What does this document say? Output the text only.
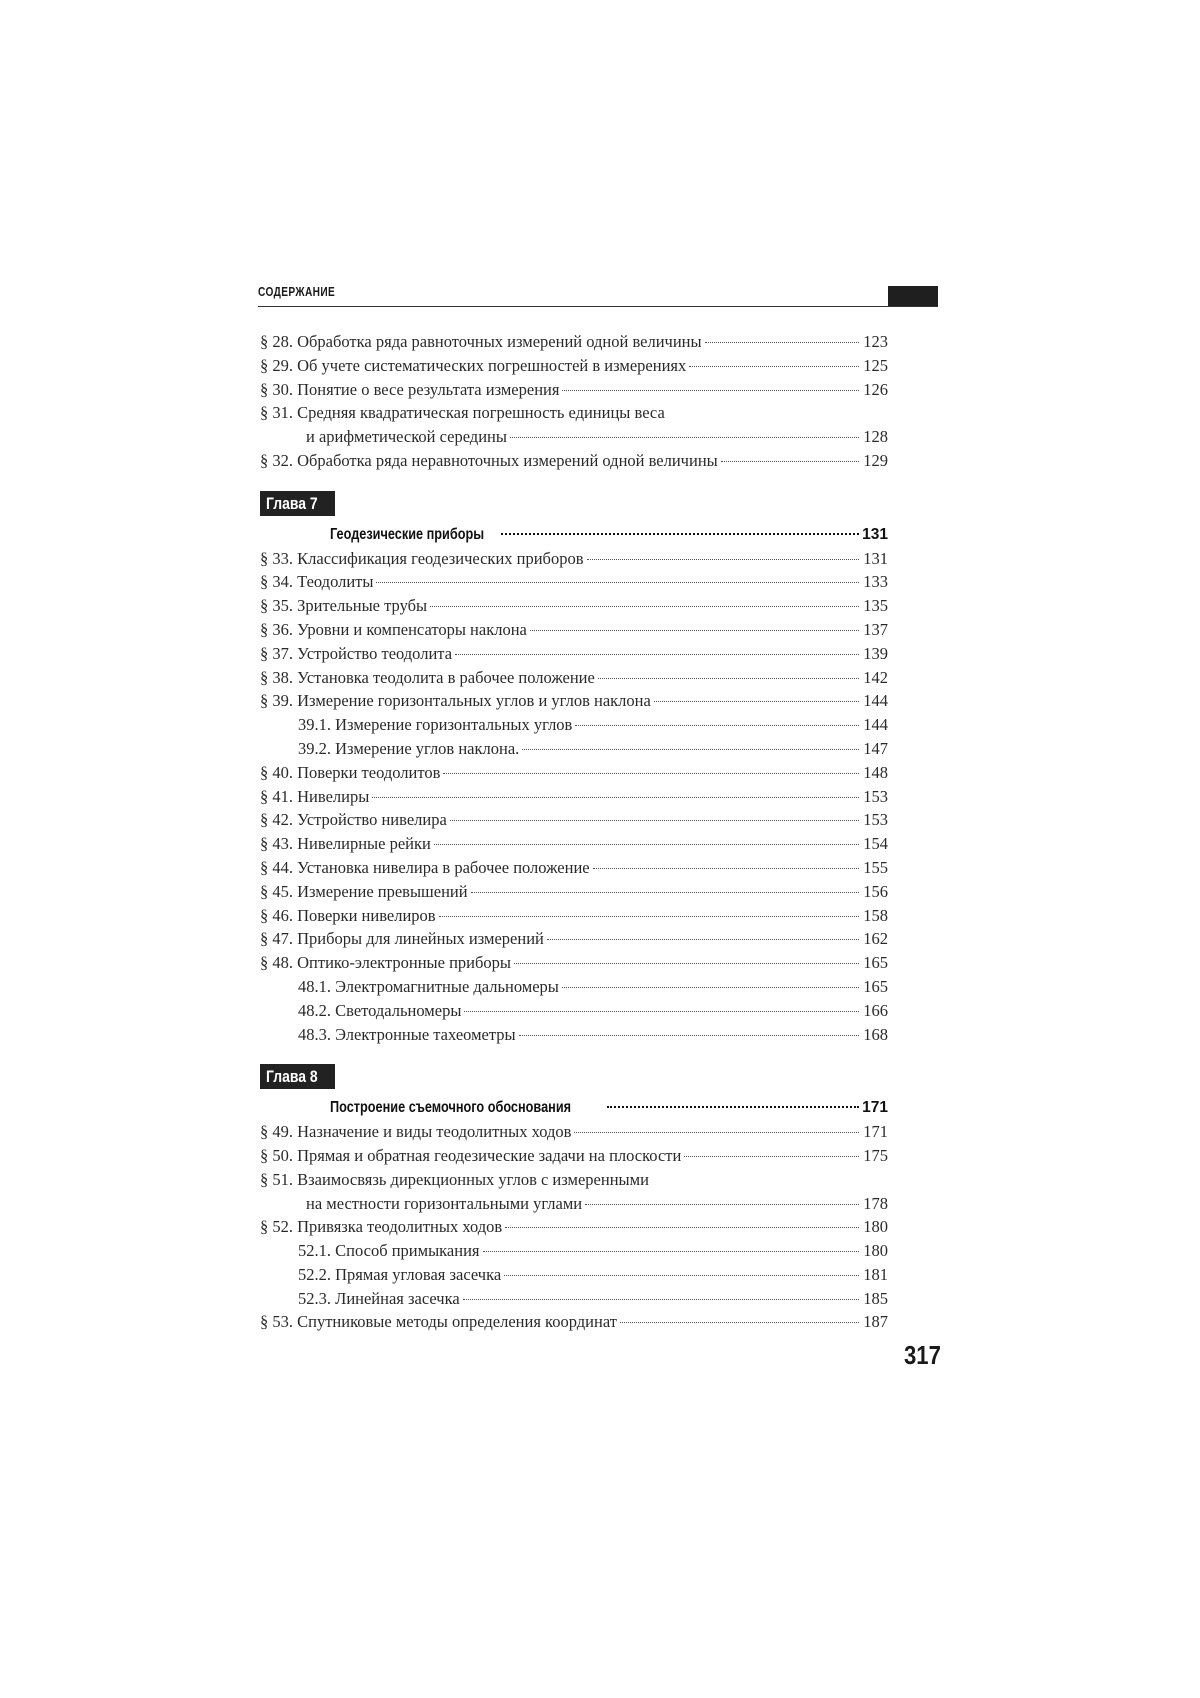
СОДЕРЖАНИЕ
§ 28. Обработка ряда равноточных измерений одной величины	123
§ 29. Об учете систематических погрешностей в измерениях	125
§ 30. Понятие о весе результата измерения	126
§ 31. Средняя квадратическая погрешность единицы веса
и арифметической середины	128
§ 32. Обработка ряда неравноточных измерений одной величины	129
Глава 7
Геодезические приборы	131
§ 33. Классификация геодезических приборов	131
§ 34. Теодолиты	133
§ 35. Зрительные трубы	135
§ 36. Уровни и компенсаторы наклона	137
§ 37. Устройство теодолита	139
§ 38. Установка теодолита в рабочее положение	142
§ 39. Измерение горизонтальных углов и углов наклона	144
39.1. Измерение горизонтальных углов	144
39.2. Измерение углов наклона.	147
§ 40. Поверки теодолитов	148
§ 41. Нивелиры	153
§ 42. Устройство нивелира	153
§ 43. Нивелирные рейки	154
§ 44. Установка нивелира в рабочее положение	155
§ 45. Измерение превышений	156
§ 46. Поверки нивелиров	158
§ 47. Приборы для линейных измерений	162
§ 48. Оптико-электронные приборы	165
48.1. Электромагнитные дальномеры	165
48.2. Светодальномеры	166
48.3. Электронные тахеометры	168
Глава 8
Построение съемочного обоснования	171
§ 49. Назначение и виды теодолитных ходов	171
§ 50. Прямая и обратная геодезические задачи на плоскости	175
§ 51. Взаимосвязь дирекционных углов с измеренными
на местности горизонтальными углами	178
§ 52. Привязка теодолитных ходов	180
52.1. Способ примыкания	180
52.2. Прямая угловая засечка	181
52.3. Линейная засечка	185
§ 53. Спутниковые методы определения координат	187
317
